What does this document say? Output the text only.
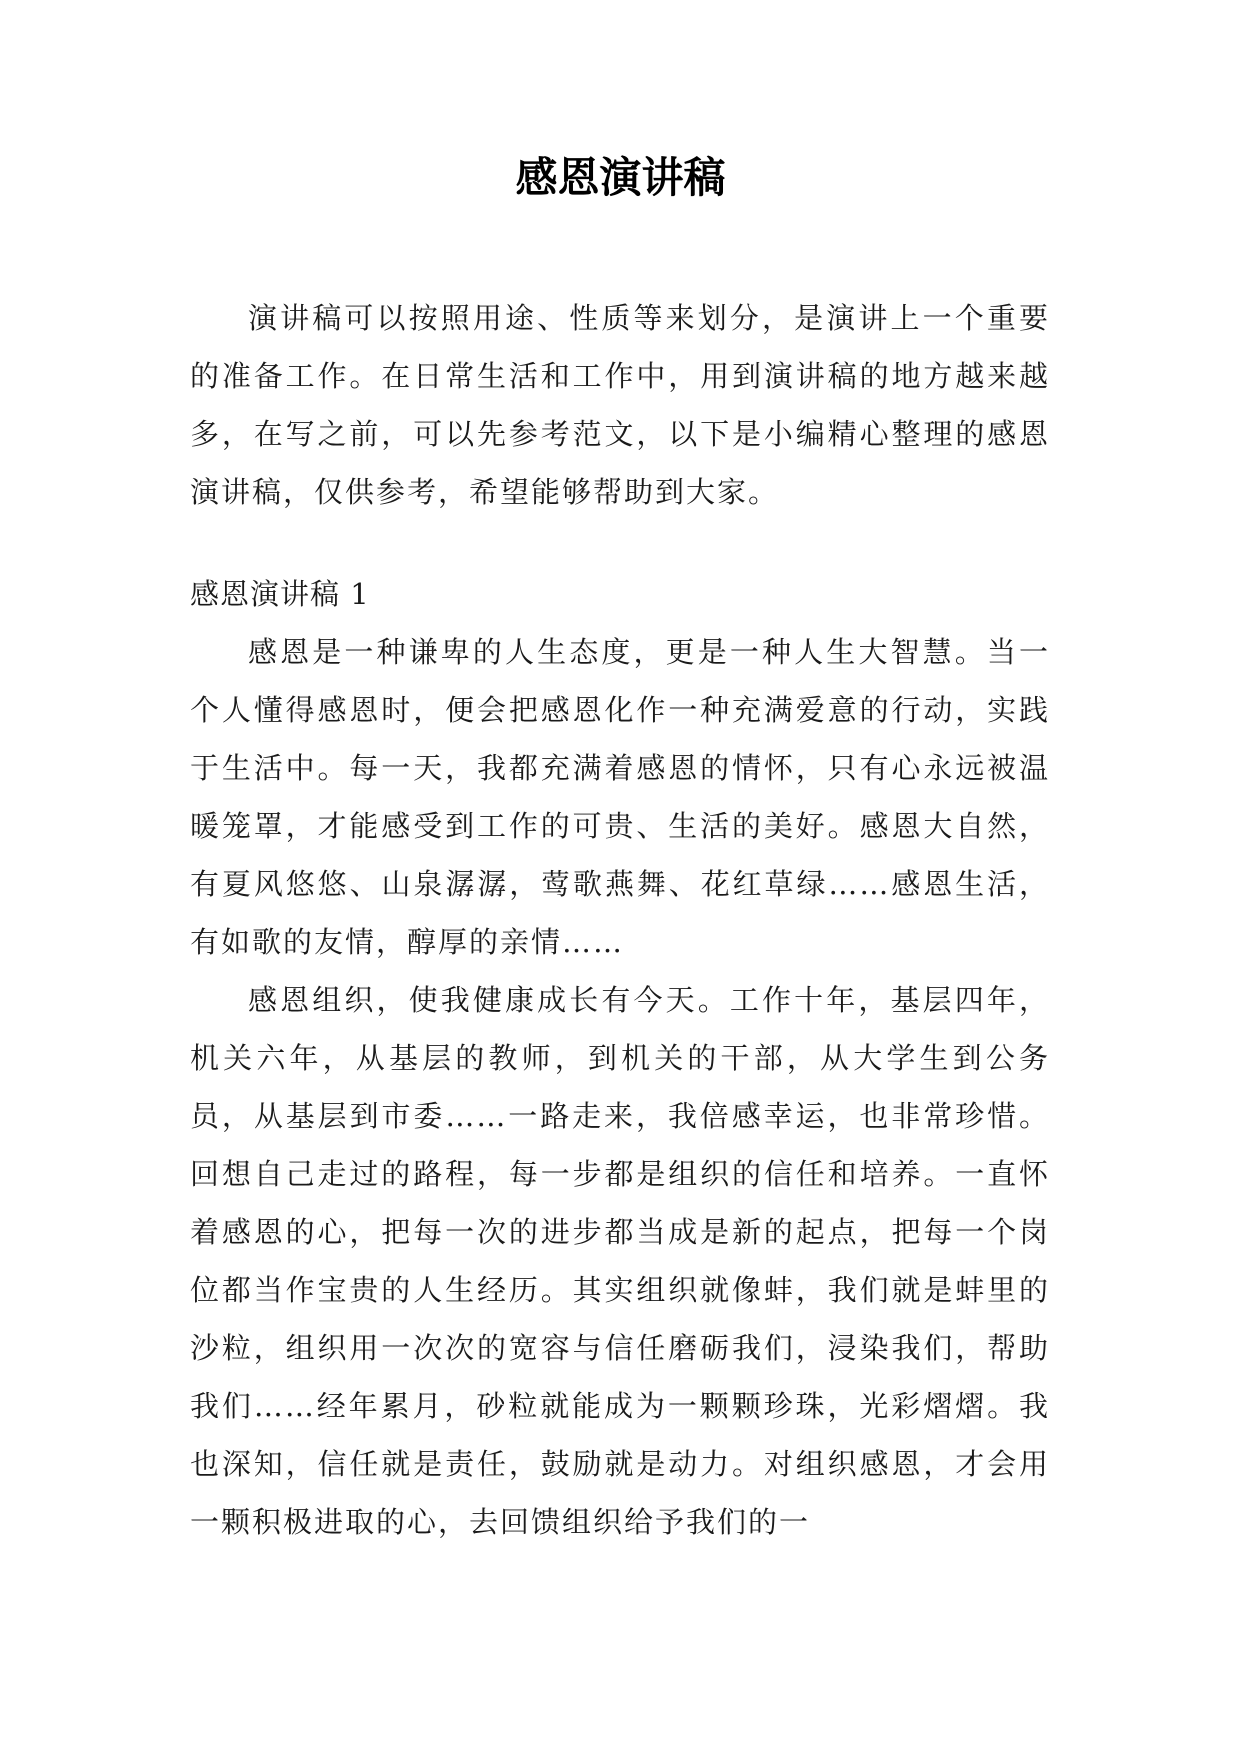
感恩演讲稿

演讲稿可以按照用途、性质等来划分，是演讲上一个重要的准备工作。在日常生活和工作中，用到演讲稿的地方越来越多，在写之前，可以先参考范文，以下是小编精心整理的感恩演讲稿，仅供参考，希望能够帮助到大家。

感恩演讲稿 1

感恩是一种谦卑的人生态度，更是一种人生大智慧。当一个人懂得感恩时，便会把感恩化作一种充满爱意的行动，实践于生活中。每一天，我都充满着感恩的情怀，只有心永远被温暖笼罩，才能感受到工作的可贵、生活的美好。感恩大自然，有夏风悠悠、山泉潺潺，莺歌燕舞、花红草绿……感恩生活，有如歌的友情，醇厚的亲情……

感恩组织，使我健康成长有今天。工作十年，基层四年，机关六年，从基层的教师，到机关的干部，从大学生到公务员，从基层到市委……一路走来，我倍感幸运，也非常珍惜。回想自己走过的路程，每一步都是组织的信任和培养。一直怀着感恩的心，把每一次的进步都当成是新的起点，把每一个岗位都当作宝贵的人生经历。其实组织就像蚌，我们就是蚌里的沙粒，组织用一次次的宽容与信任磨砺我们，浸染我们，帮助我们……经年累月，砂粒就能成为一颗颗珍珠，光彩熠熠。我也深知，信任就是责任，鼓励就是动力。对组织感恩，才会用一颗积极进取的心，去回馈组织给予我们的一
